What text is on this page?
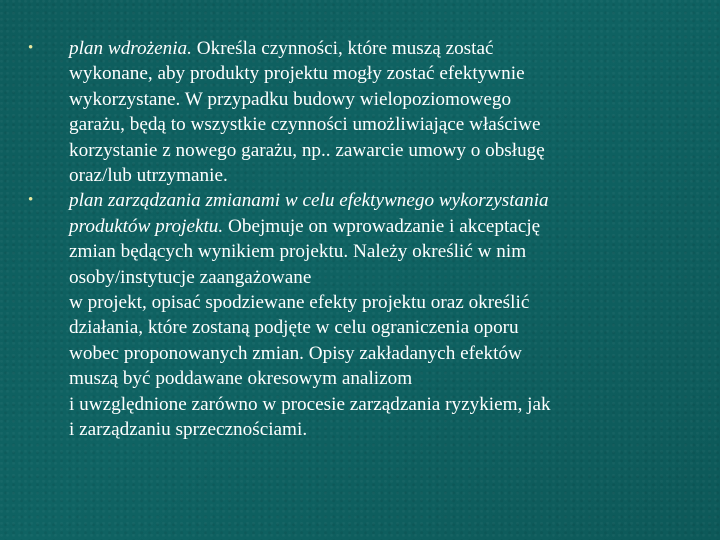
•	plan wdrożenia. Określa czynności, które muszą zostać
wykonane, aby produkty projektu mogły zostać efektywnie
wykorzystane. W przypadku budowy wielopoziomowego
garażu, będą to wszystkie czynności umożliwiające właściwe
korzystanie z nowego garażu, np.. zawarcie umowy o obsługę
oraz/lub utrzymanie.
•	plan zarządzania zmianami w celu efektywnego wykorzystania
produktów projektu. Obejmuje on wprowadzanie i akceptację
zmian będących wynikiem projektu. Należy określić w nim
osoby/instytucje zaangażowane
w projekt, opisać spodziewane efekty projektu oraz określić
działania, które zostaną podjęte w celu ograniczenia oporu
wobec proponowanych zmian. Opisy zakładanych efektów
muszą być poddawane okresowym analizom
i uwzględnione zarówno w procesie zarządzania ryzykiem, jak
i zarządzaniu sprzecznościami.
